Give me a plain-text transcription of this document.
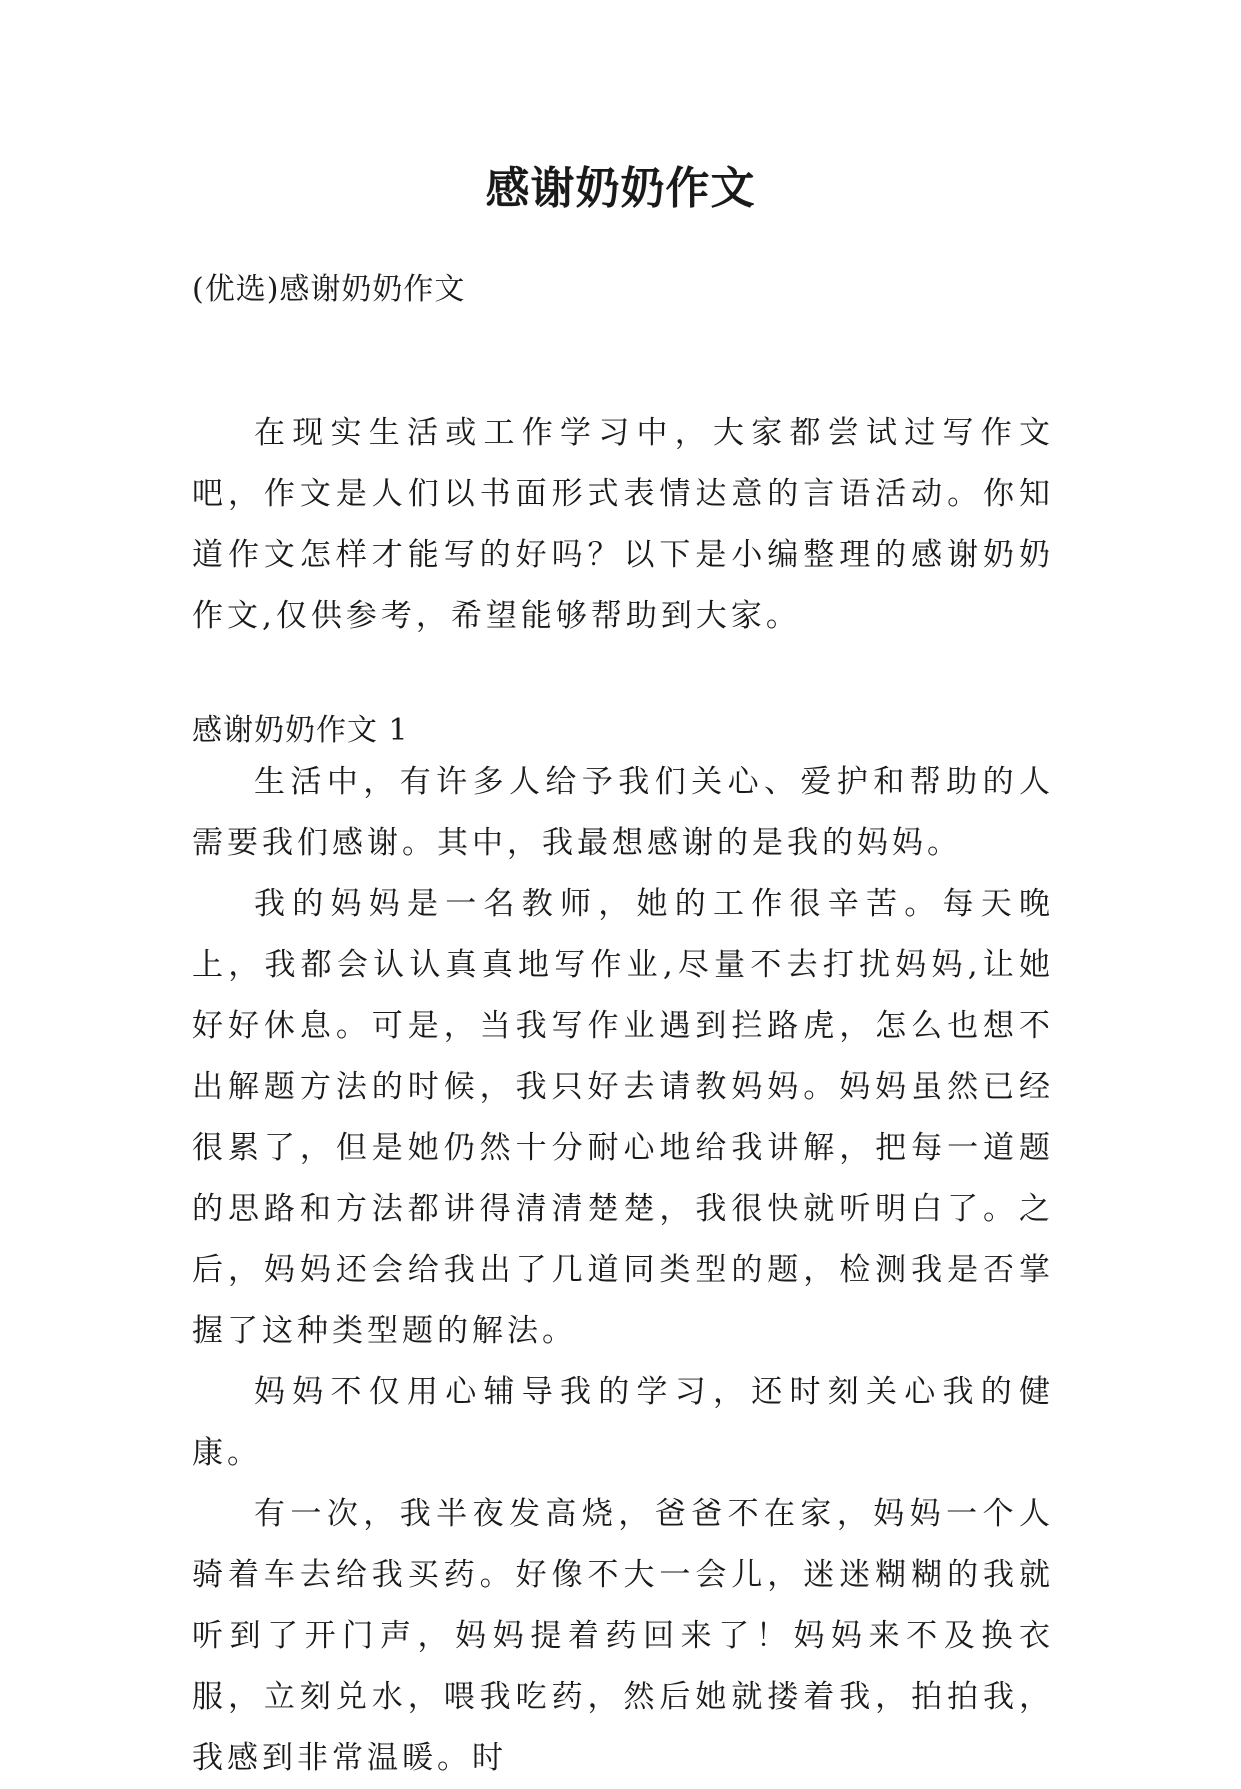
感谢奶奶作文

(优选)感谢奶奶作文

在现实生活或工作学习中，大家都尝试过写作文吧，作文是人们以书面形式表情达意的言语活动。你知道作文怎样才能写的好吗？以下是小编整理的感谢奶奶作文,仅供参考，希望能够帮助到大家。

感谢奶奶作文 1

生活中，有许多人给予我们关心、爱护和帮助的人需要我们感谢。其中，我最想感谢的是我的妈妈。

我的妈妈是一名教师，她的工作很辛苦。每天晚上，我都会认认真真地写作业,尽量不去打扰妈妈,让她好好休息。可是，当我写作业遇到拦路虎，怎么也想不出解题方法的时候，我只好去请教妈妈。妈妈虽然已经很累了，但是她仍然十分耐心地给我讲解，把每一道题的思路和方法都讲得清清楚楚，我很快就听明白了。之后，妈妈还会给我出了几道同类型的题，检测我是否掌握了这种类型题的解法。

妈妈不仅用心辅导我的学习，还时刻关心我的健康。

有一次，我半夜发高烧，爸爸不在家，妈妈一个人骑着车去给我买药。好像不大一会儿，迷迷糊糊的我就听到了开门声，妈妈提着药回来了！妈妈来不及换衣服，立刻兑水，喂我吃药，然后她就搂着我，拍拍我，我感到非常温暖。时
